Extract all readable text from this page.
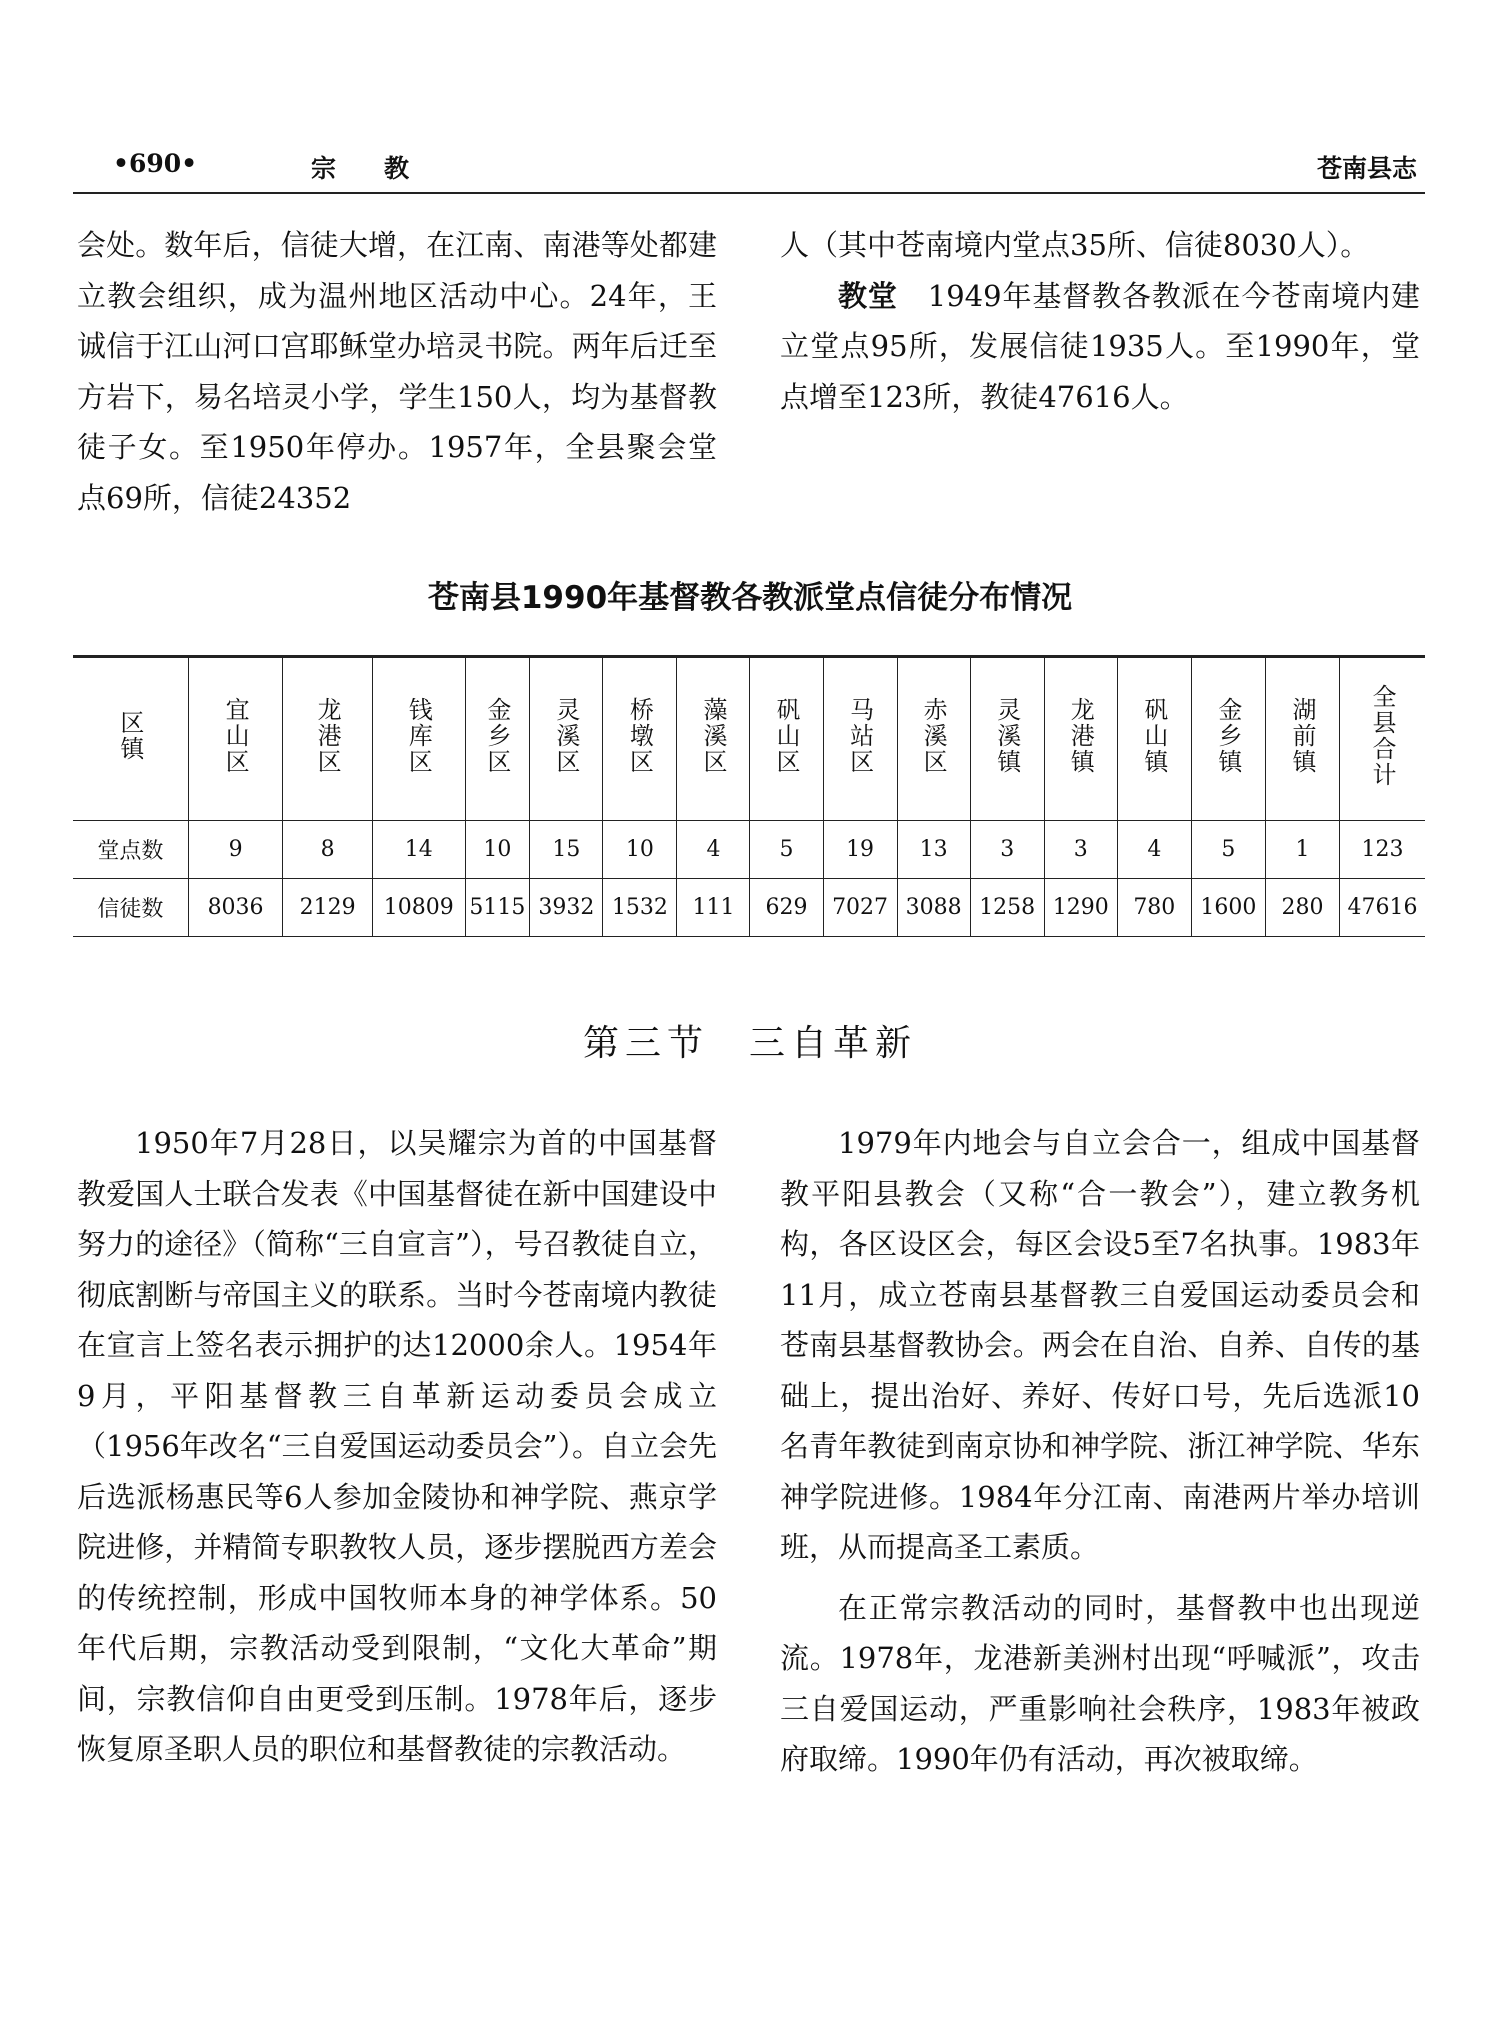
•690•	宗教	苍南县志
会处。数年后，信徒大增，在江南、南港等处都建立教会组织，成为温州地区活动中心。24年，王诚信于江山河口宫耶稣堂办培灵书院。两年后迁至方岩下，易名培灵小学，学生150人，均为基督教徒子女。至1950年停办。1957年，全县聚会堂点69所，信徒24352
人（其中苍南境内堂点35所、信徒8030人）。
教堂 1949年基督教各教派在今苍南境内建立堂点95所，发展信徒1935人。至1990年，堂点增至123所，教徒47616人。
苍南县1990年基督教各教派堂点信徒分布情况
区镇	宜山区	龙港区	钱库区	金乡区	灵溪区	桥墩区	藻溪区	矾山区	马站区	赤溪区	灵溪镇	龙港镇	矾山镇	金乡镇	湖前镇	全县合计
堂点数	9	8	14	10	15	10	4	5	19	13	3	3	4	5	1	123
信徒数	8036	2129	10809	5115	3932	1532	111	629	7027	3088	1258	1290	780	1600	280	47616
第三节 三自革新
1950年7月28日，以吴耀宗为首的中国基督教爱国人士联合发表《中国基督徒在新中国建设中努力的途径》（简称“三自宣言”），号召教徒自立，彻底割断与帝国主义的联系。当时今苍南境内教徒在宣言上签名表示拥护的达12000余人。1954年9月，平阳基督教三自革新运动委员会成立（1956年改名“三自爱国运动委员会”）。自立会先后选派杨惠民等6人参加金陵协和神学院、燕京学院进修，并精简专职教牧人员，逐步摆脱西方差会的传统控制，形成中国牧师本身的神学体系。50年代后期，宗教活动受到限制，“文化大革命”期间，宗教信仰自由更受到压制。1978年后，逐步恢复原圣职人员的职位和基督教徒的宗教活动。
1979年内地会与自立会合一，组成中国基督教平阳县教会（又称“合一教会”），建立教务机构，各区设区会，每区会设5至7名执事。1983年11月，成立苍南县基督教三自爱国运动委员会和苍南县基督教协会。两会在自治、自养、自传的基础上，提出治好、养好、传好口号，先后选派10名青年教徒到南京协和神学院、浙江神学院、华东神学院进修。1984年分江南、南港两片举办培训班，从而提高圣工素质。
在正常宗教活动的同时，基督教中也出现逆流。1978年，龙港新美洲村出现“呼喊派”，攻击三自爱国运动，严重影响社会秩序，1983年被政府取缔。1990年仍有活动，再次被取缔。
